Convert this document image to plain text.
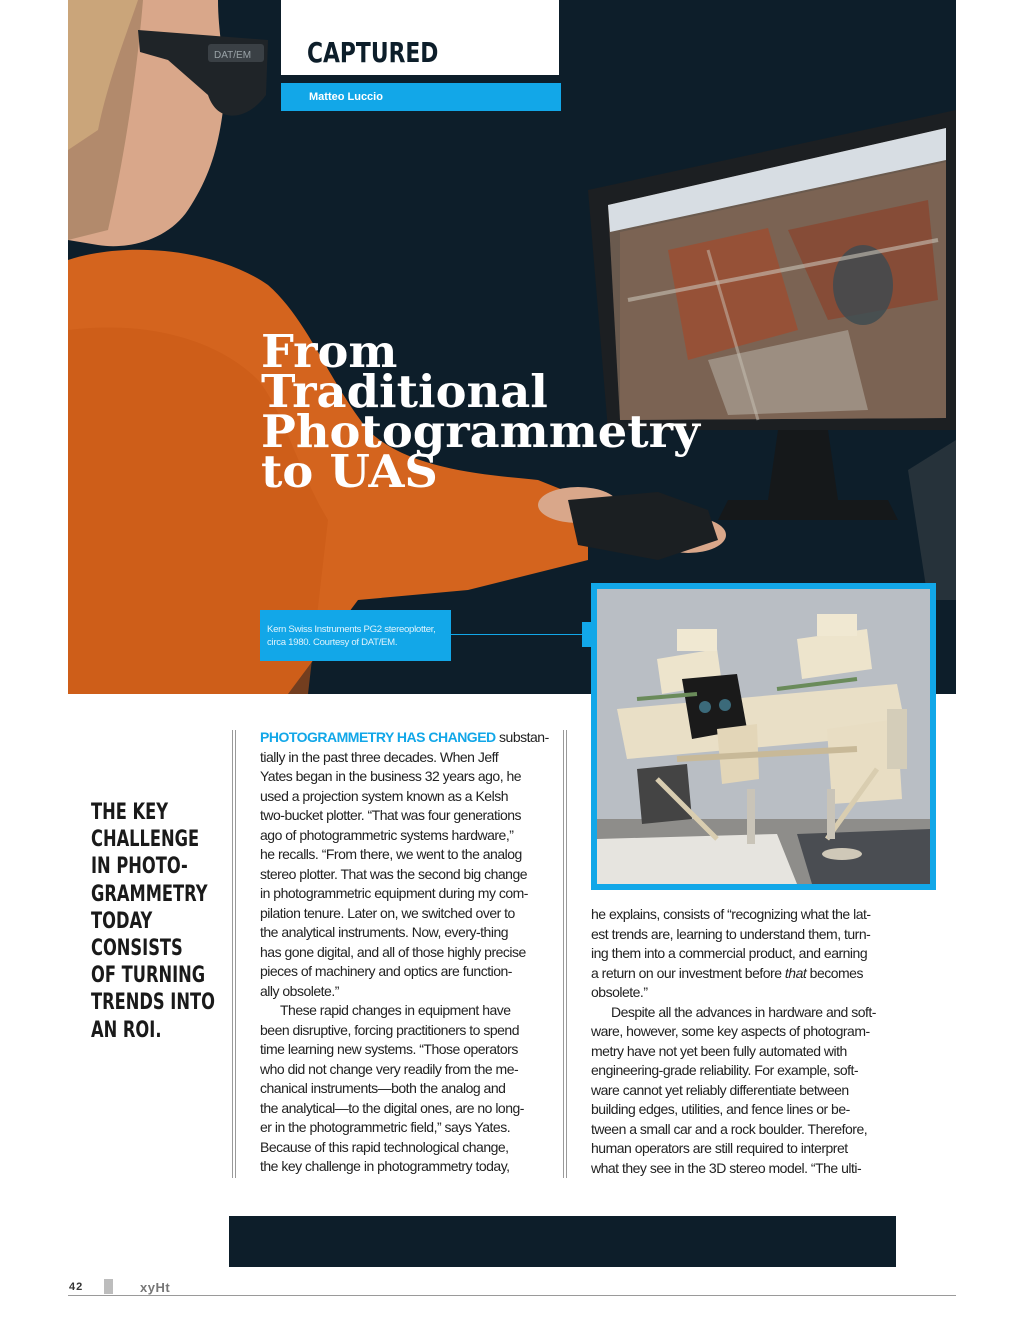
DAT/EM CAPTURED
Matteo Luccio
From
Traditional
Photogrammetry
to UAS
Kern Swiss Instruments PG2 stereoplotter,
circa 1980. Courtesy of DAT/EM.
THE KEY
CHALLENGE
IN PHOTO-
GRAMMETRY
TODAY
CONSISTS
OF TURNING
TRENDS INTO
AN ROI.
PHOTOGRAMMETRY HAS CHANGED substan-
tially in the past three decades. When Jeff
Yates began in the business 32 years ago, he
used a projection system known as a Kelsh
two-bucket plotter. “That was four generations
ago of photogrammetric systems hardware,”
he recalls. “From there, we went to the analog
stereo plotter. That was the second big change
in photogrammetric equipment during my com-
pilation tenure. Later on, we switched over to
the analytical instruments. Now, every-thing
has gone digital, and all of those highly precise
pieces of machinery and optics are function-
ally obsolete.”
These rapid changes in equipment have
been disruptive, forcing practitioners to spend
time learning new systems. “Those operators
who did not change very readily from the me-
chanical instruments—both the analog and
the analytical—to the digital ones, are no long-
er in the photogrammetric field,” says Yates.
Because of this rapid technological change,
the key challenge in photogrammetry today,
he explains, consists of “recognizing what the lat-
est trends are, learning to understand them, turn-
ing them into a commercial product, and earning
a return on our investment before that becomes
obsolete.”
Despite all the advances in hardware and soft-
ware, however, some key aspects of photogram-
metry have not yet been fully automated with
engineering-grade reliability. For example, soft-
ware cannot yet reliably differentiate between
building edges, utilities, and fence lines or be-
tween a small car and a rock boulder. Therefore,
human operators are still required to interpret
what they see in the 3D stereo model. “The ulti-
42	xyHt
